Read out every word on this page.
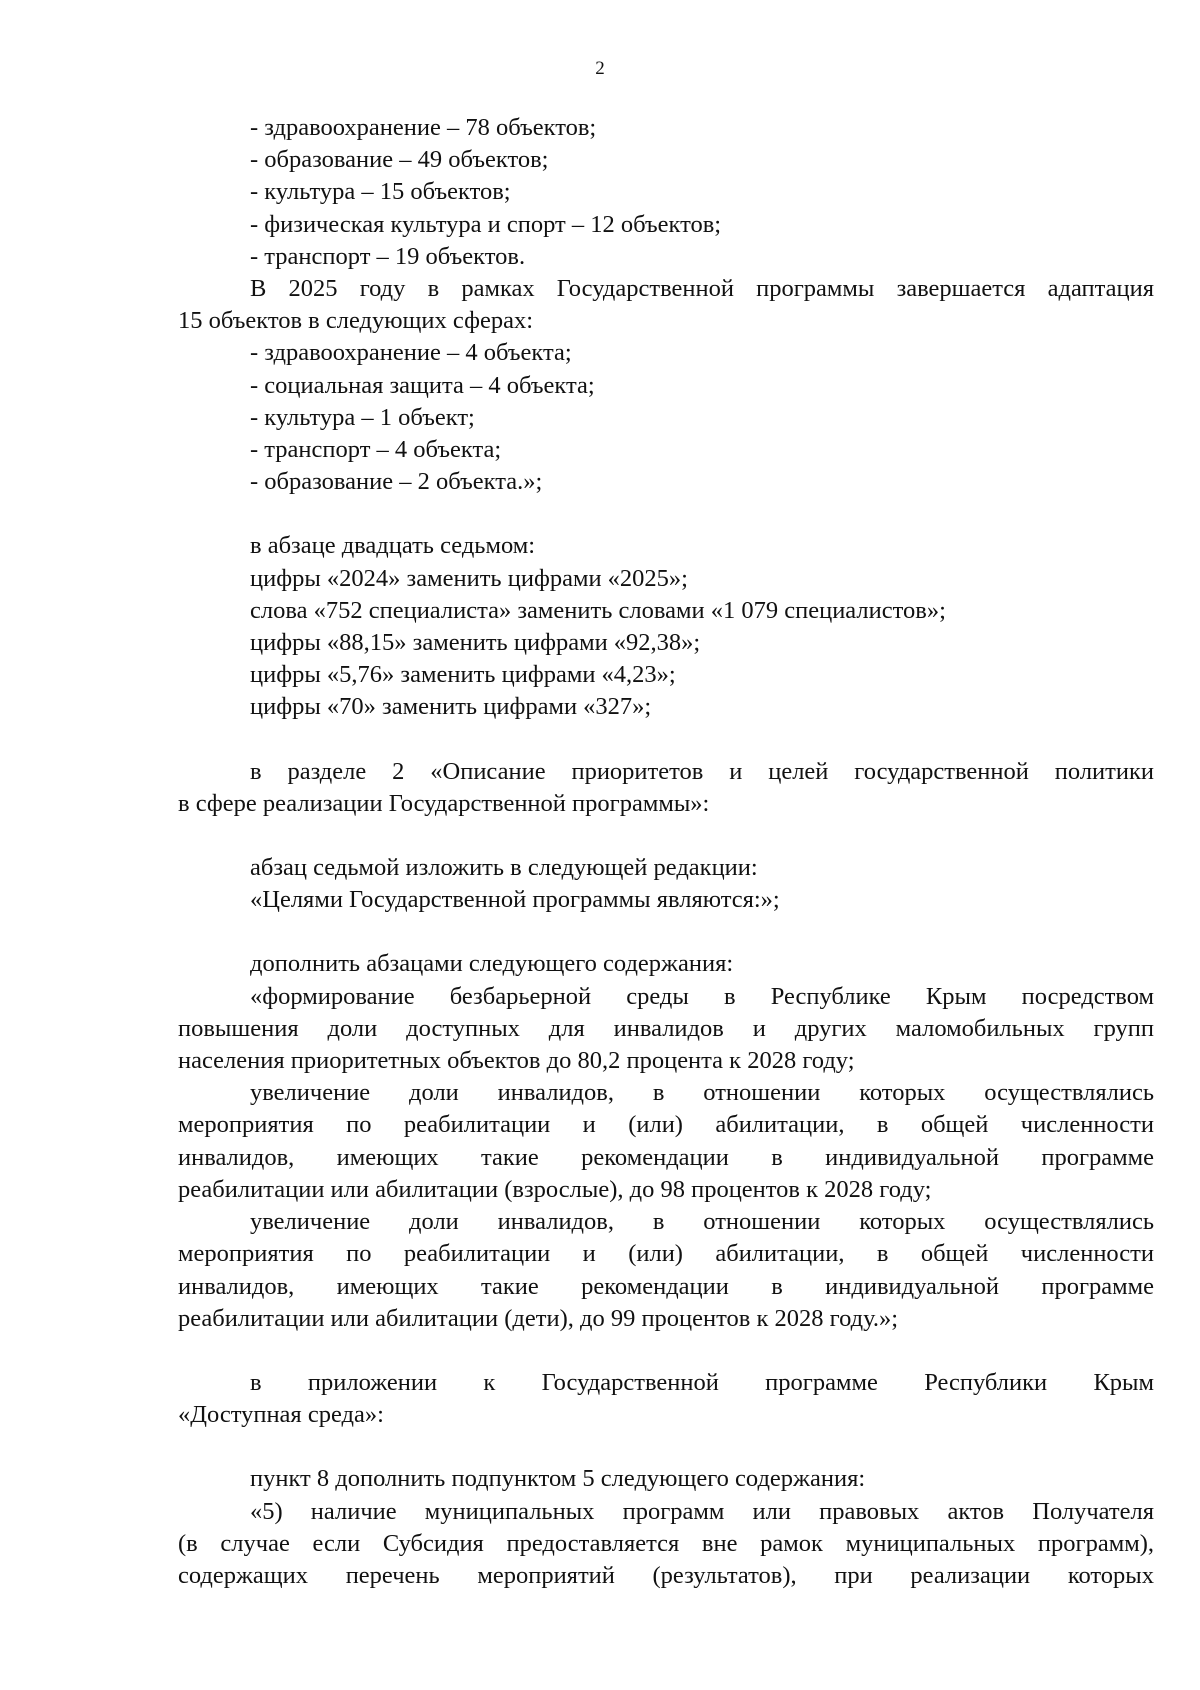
2
- здравоохранение – 78 объектов;
- образование – 49 объектов;
- культура – 15 объектов;
- физическая культура и спорт – 12 объектов;
- транспорт – 19 объектов.
В 2025 году в рамках Государственной программы завершается адаптация
15 объектов в следующих сферах:
- здравоохранение – 4 объекта;
- социальная защита – 4 объекта;
- культура – 1 объект;
- транспорт – 4 объекта;
- образование – 2 объекта.»;
в абзаце двадцать седьмом:
цифры «2024» заменить цифрами «2025»;
слова «752 специалиста» заменить словами «1 079 специалистов»;
цифры «88,15» заменить цифрами «92,38»;
цифры «5,76» заменить цифрами «4,23»;
цифры «70» заменить цифрами «327»;
в разделе 2 «Описание приоритетов и целей государственной политики
в сфере реализации Государственной программы»:
абзац седьмой изложить в следующей редакции:
«Целями Государственной программы являются:»;
дополнить абзацами следующего содержания:
«формирование безбарьерной среды в Республике Крым посредством
повышения доли доступных для инвалидов и других маломобильных групп
населения приоритетных объектов до 80,2 процента к 2028 году;
увеличение доли инвалидов, в отношении которых осуществлялись
мероприятия по реабилитации и (или) абилитации, в общей численности
инвалидов, имеющих такие рекомендации в индивидуальной программе
реабилитации или абилитации (взрослые), до 98 процентов к 2028 году;
увеличение доли инвалидов, в отношении которых осуществлялись
мероприятия по реабилитации и (или) абилитации, в общей численности
инвалидов, имеющих такие рекомендации в индивидуальной программе
реабилитации или абилитации (дети), до 99 процентов к 2028 году.»;
в приложении к Государственной программе Республики Крым
«Доступная среда»:
пункт 8 дополнить подпунктом 5 следующего содержания:
«5) наличие муниципальных программ или правовых актов Получателя
(в случае если Субсидия предоставляется вне рамок муниципальных программ),
содержащих перечень мероприятий (результатов), при реализации которых
